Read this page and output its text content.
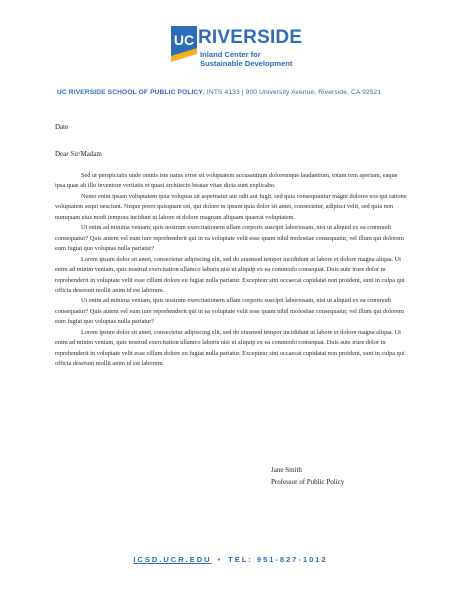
UC RIVERSIDE
Inland Center for
Sustainable Development
UC RIVERSIDE SCHOOL OF PUBLIC POLICY, INTS 4133 | 900 University Avenue, Riverside, CA 92521
Date
Dear Sir/Madam

Sed ut perspiciatis unde omnis iste natus error sit voluptatem accusantium doloremque laudantium, totam rem aperiam, eaque ipsa quae ab illo inventore veritatis et quasi architecto beatae vitae dicta sunt explicabo.

Nemo enim ipsam voluptatem quia voluptas sit aspernatur aut odit aut fugit, sed quia consequuntur magni dolores eos qui ratione voluptatem sequi nesciunt. Neque porro quisquam est, qui dolore m ipsum quia dolor sit amet, consectetur, adipisci velit, sed quia non numquam eius modi tempora incidunt ut labore et dolore magnam aliquam quaerat voluptatem.

Ut enim ad minima veniam, quis nostrum exercitationem ullam corporis suscipit laboriosam, nisi ut aliquid ex ea commodi consequatur? Quis autem vel eum iure reprehenderit qui in ea voluptate velit esse quam nihil molestiae consequatur, vel illum qui dolorem eum fugiat quo voluptas nulla pariatur?

Lorem ipsum dolor sit amet, consectetur adipiscing elit, sed do eiusmod tempor incididunt ut labore et dolore magna aliqua. Ut enim ad minim veniam, quis nostrud exercitation ullamco laboris nisi ut aliquip ex ea commodo consequat. Duis aute irure dolor in reprehenderit in voluptate velit esse cillum dolore eu fugiat nulla pariatur. Excepteur sint occaecat cupidatat non proident, sunt in culpa qui officia deserunt mollit anim id est laborum.

Ut enim ad minima veniam, quis nostrum exercitationem ullam corporis suscipit laboriosam, nisi ut aliquid ex ea commodi consequatur? Quis autem vel eum iure reprehenderit qui in ea voluptate velit esse quam nihil molestiae consequatur, vel illum qui dolorem eum fugiat quo voluptas nulla pariatur?

Lorem ipsum dolor sit amet, consectetur adipiscing elit, sed do eiusmod tempor incididunt ut labore et dolore magna aliqua. Ut enim ad minim veniam, quis nostrud exercitation ullamco laboris nisi ut aliquip ex ea commodo consequat. Duis aute irure dolor in reprehenderit in voluptate velit esse cillum dolore eu fugiat nulla pariatur. Excepteur sint occaecat cupidatat non proident, sunt in culpa qui officia deserunt mollit anim id est laborum.

Jane Smith
Professor of Public Policy
ICSD.UCR.EDU • TEL: 951-827-1012
